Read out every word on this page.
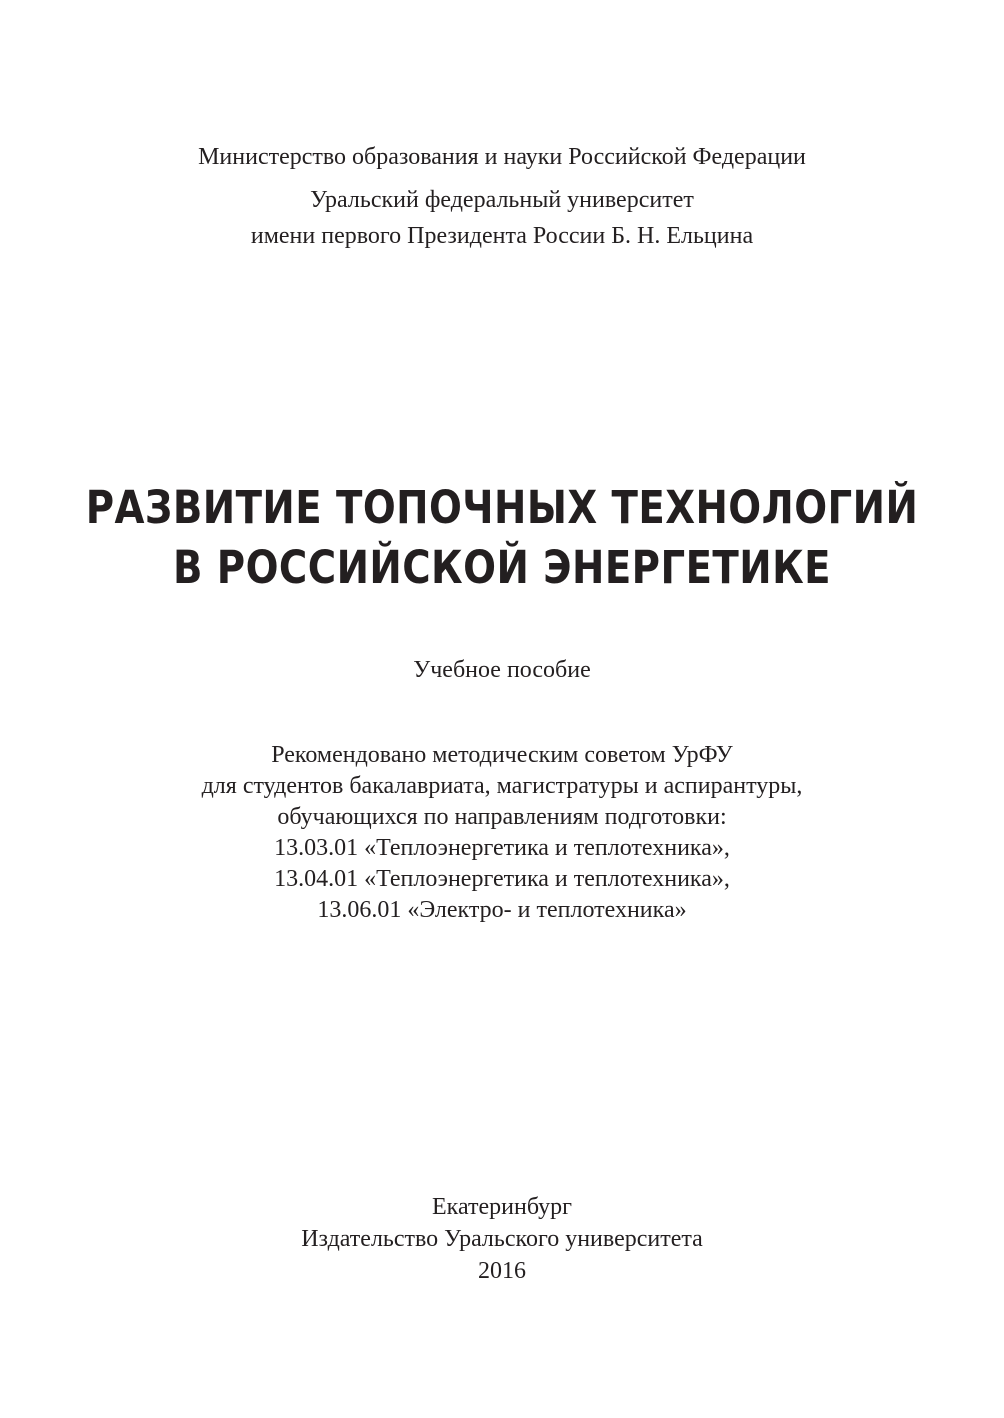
Министерство образования и науки Российской Федерации
Уральский федеральный университет
имени первого Президента России Б. Н. Ельцина
РАЗВИТИЕ ТОПОЧНЫХ ТЕХНОЛОГИЙ
В РОССИЙСКОЙ ЭНЕРГЕТИКЕ
Учебное пособие
Рекомендовано методическим советом УрФУ
для студентов бакалавриата, магистратуры и аспирантуры,
обучающихся по направлениям подготовки:
13.03.01 «Теплоэнергетика и теплотехника»,
13.04.01 «Теплоэнергетика и теплотехника»,
13.06.01 «Электро- и теплотехника»
Екатеринбург
Издательство Уральского университета
2016
